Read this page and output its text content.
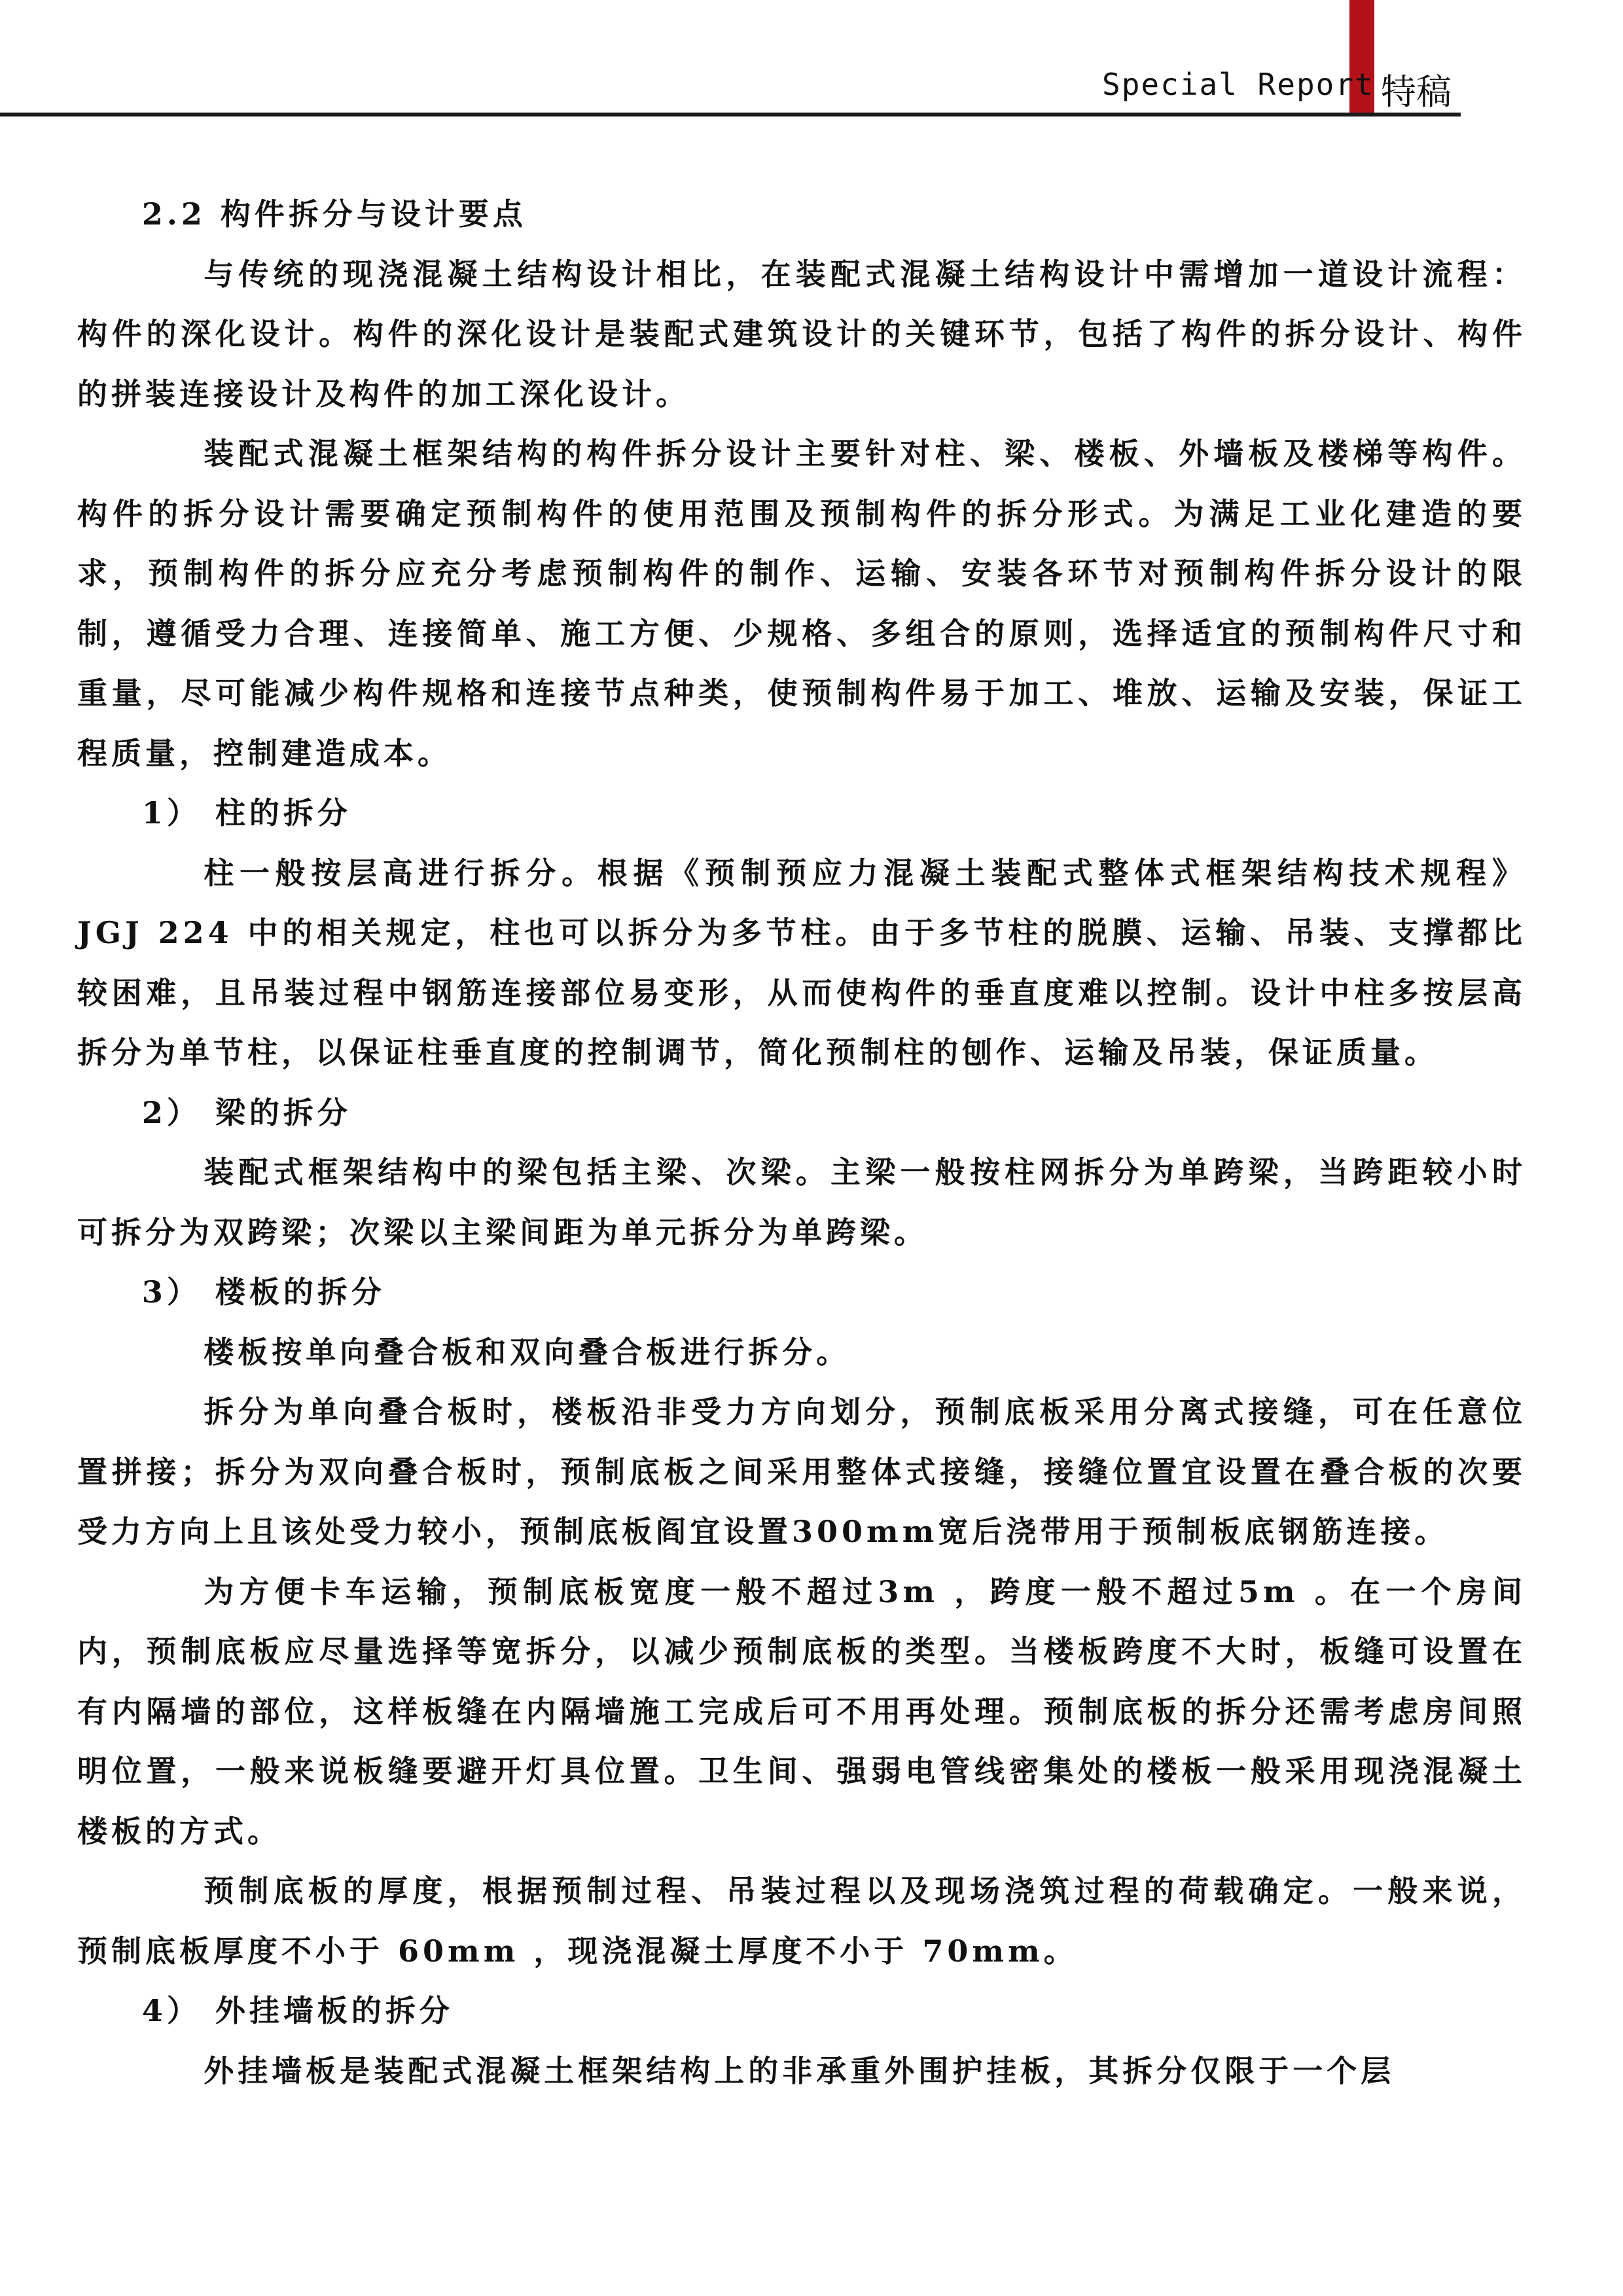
Special Report 特稿

2.2 构件拆分与设计要点

与传统的现浇混凝土结构设计相比，在装配式混凝土结构设计中需增加一道设计流程：构件的深化设计。构件的深化设计是装配式建筑设计的关键环节，包括了构件的拆分设计、构件的拼装连接设计及构件的加工深化设计。

装配式混凝土框架结构的构件拆分设计主要针对柱、梁、楼板、外墙板及楼梯等构件。构件的拆分设计需要确定预制构件的使用范围及预制构件的拆分形式。为满足工业化建造的要求，预制构件的拆分应充分考虑预制构件的制作、运输、安装各环节对预制构件拆分设计的限制，遵循受力合理、连接简单、施工方便、少规格、多组合的原则，选择适宜的预制构件尺寸和重量，尽可能减少构件规格和连接节点种类，使预制构件易于加工、堆放、运输及安装，保证工程质量，控制建造成本。

1） 柱的拆分

柱一般按层高进行拆分。根据《预制预应力混凝土装配式整体式框架结构技术规程》JGJ 224 中的相关规定，柱也可以拆分为多节柱。由于多节柱的脱膜、运输、吊装、支撑都比较困难，且吊装过程中钢筋连接部位易变形，从而使构件的垂直度难以控制。设计中柱多按层高拆分为单节柱，以保证柱垂直度的控制调节，简化预制柱的刨作、运输及吊装，保证质量。

2） 梁的拆分

装配式框架结构中的梁包括主梁、次梁。主梁一般按柱网拆分为单跨梁，当跨距较小时可拆分为双跨梁；次梁以主梁间距为单元拆分为单跨梁。

3） 楼板的拆分

楼板按单向叠合板和双向叠合板进行拆分。

拆分为单向叠合板时，楼板沿非受力方向划分，预制底板采用分离式接缝，可在任意位置拼接；拆分为双向叠合板时，预制底板之间采用整体式接缝，接缝位置宜设置在叠合板的次要受力方向上且该处受力较小，预制底板阎宜设置300mm宽后浇带用于预制板底钢筋连接。

为方便卡车运输，预制底板宽度一般不超过3m ，跨度一般不超过5m 。在一个房间内，预制底板应尽量选择等宽拆分，以减少预制底板的类型。当楼板跨度不大时，板缝可设置在有内隔墙的部位，这样板缝在内隔墙施工完成后可不用再处理。预制底板的拆分还需考虑房间照明位置，一般来说板缝要避开灯具位置。卫生间、强弱电管线密集处的楼板一般采用现浇混凝土楼板的方式。

预制底板的厚度，根据预制过程、吊装过程以及现场浇筑过程的荷载确定。一般来说，预制底板厚度不小于 60mm ，现浇混凝土厚度不小于 70mm。

4） 外挂墙板的拆分

外挂墙板是装配式混凝土框架结构上的非承重外围护挂板，其拆分仅限于一个层
